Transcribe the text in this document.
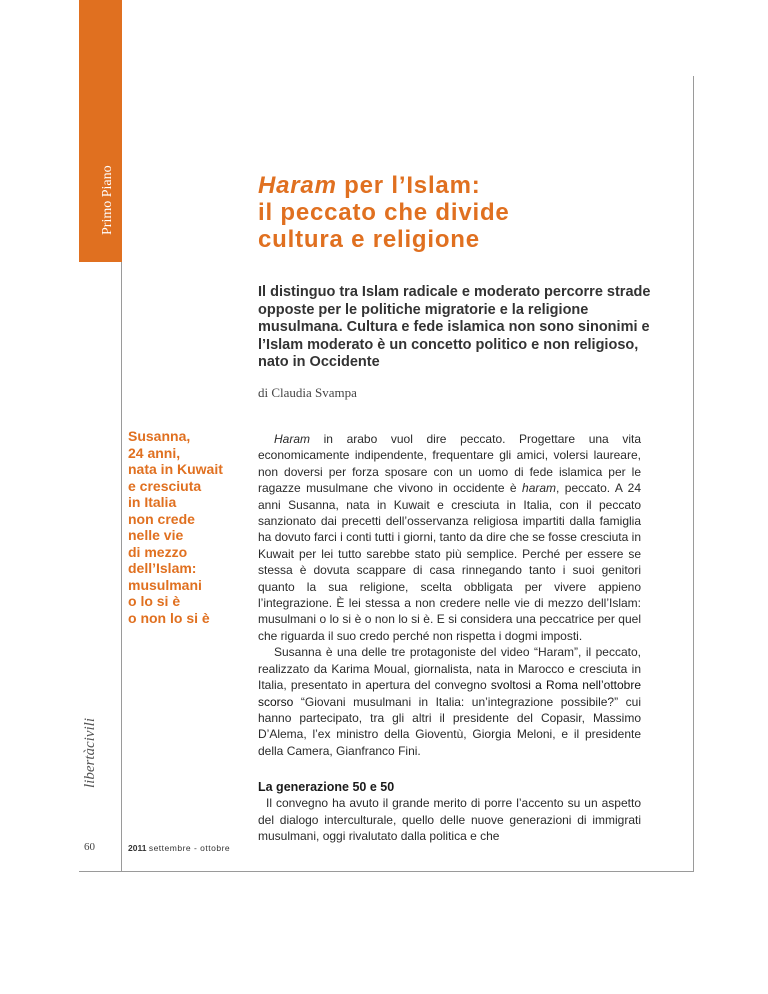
Primo Piano	Haram per l’Islam:
il peccato che divide
cultura e religione

Il distinguo tra Islam radicale e moderato percorre strade opposte per le politiche migratorie e la religione musulmana. Cultura e fede islamica non sono sinonimi e l’Islam moderato è un concetto politico e non religioso, nato in Occidente

di Claudia Svampa

Susanna,
24 anni,
nata in Kuwait
e cresciuta
in Italia
non crede
nelle vie
di mezzo
dell’Islam:
musulmani
o lo si è
o non lo si è

Haram in arabo vuol dire peccato. Progettare una vita economicamente indipendente, frequentare gli amici, volersi laureare, non doversi per forza sposare con un uomo di fede islamica per le ragazze musulmane che vivono in occidente è haram, peccato. A 24 anni Susanna, nata in Kuwait e cresciuta in Italia, con il peccato sanzionato dai precetti dell’osservanza religiosa impartiti dalla famiglia ha dovuto farci i conti tutti i giorni, tanto da dire che se fosse cresciuta in Kuwait per lei tutto sarebbe stato più semplice. Perché per essere se stessa è dovuta scappare di casa rinnegando tanto i suoi genitori quanto la sua religione, scelta obbligata per vivere appieno l’integrazione. È lei stessa a non credere nelle vie di mezzo dell’Islam: musulmani o lo si è o non lo si è. E si considera una peccatrice per quel che riguarda il suo credo perché non rispetta i dogmi imposti.

Susanna è una delle tre protagoniste del video “Haram”, il peccato, realizzato da Karima Moual, giornalista, nata in Marocco e cresciuta in Italia, presentato in apertura del convegno svoltosi a Roma nell’ottobre scorso “Giovani musulmani in Italia: un’integrazione possibile?” cui hanno partecipato, tra gli altri il presidente del Copasir, Massimo D’Alema, l’ex ministro della Gioventù, Giorgia Meloni, e il presidente della Camera, Gianfranco Fini.

La generazione 50 e 50

Il convegno ha avuto il grande merito di porre l’accento su un aspetto del dialogo interculturale, quello delle nuove generazioni di immigrati musulmani, oggi rivalutato dalla politica e che

libertàcivili

60	2011 settembre - ottobre
